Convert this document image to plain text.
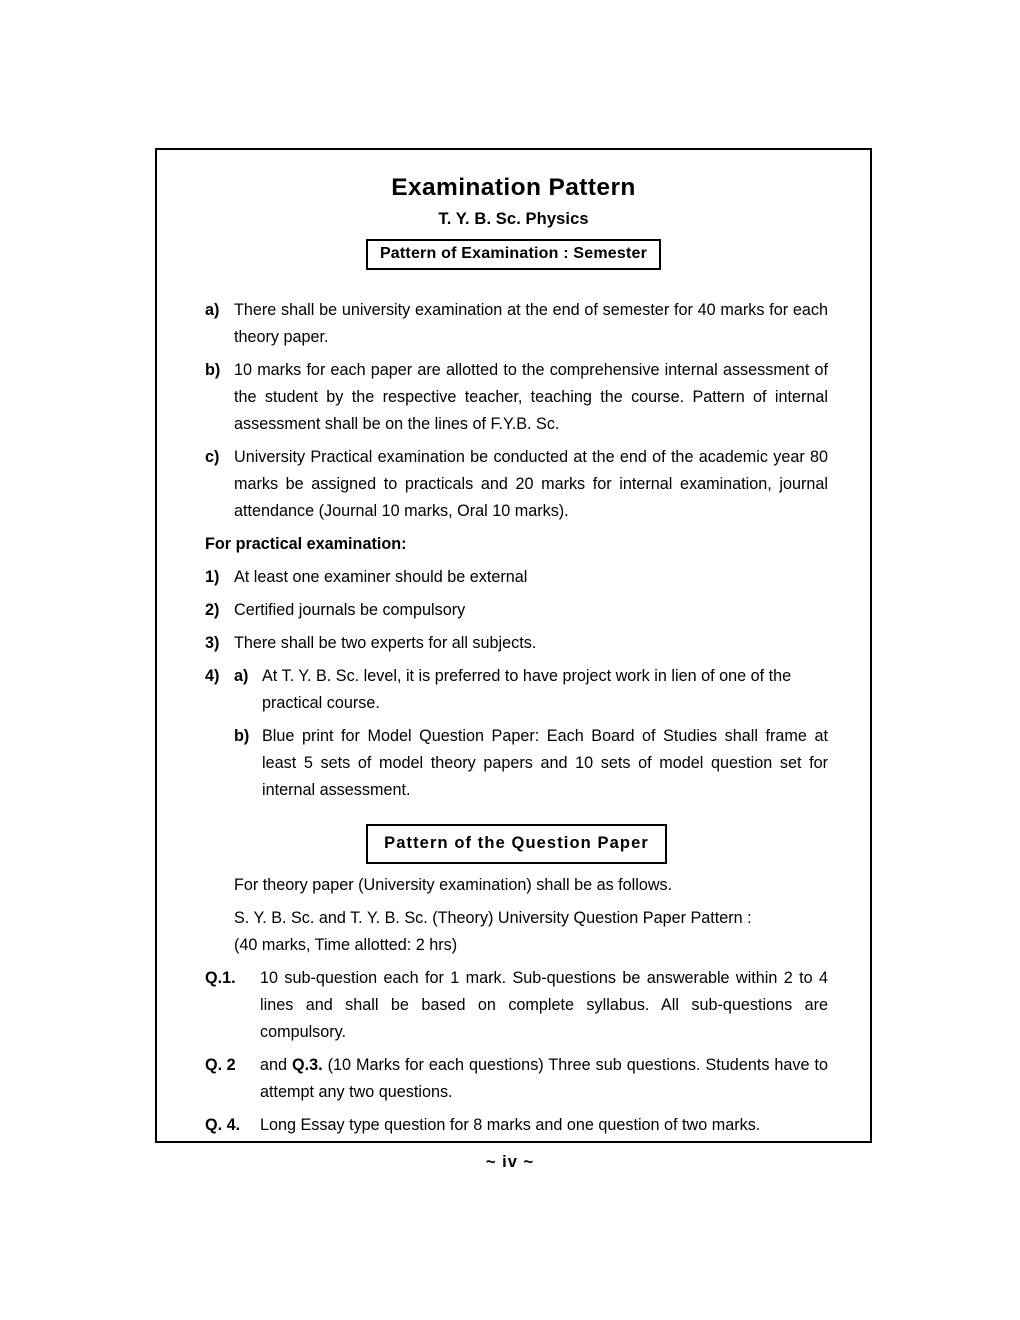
Examination Pattern
T. Y. B. Sc. Physics
Pattern of Examination : Semester
a) There shall be university examination at the end of semester for 40 marks for each theory paper.
b) 10 marks for each paper are allotted to the comprehensive internal assessment of the student by the respective teacher, teaching the course. Pattern of internal assessment shall be on the lines of F.Y.B. Sc.
c) University Practical examination be conducted at the end of the academic year 80 marks be assigned to practicals and 20 marks for internal examination, journal attendance (Journal 10 marks, Oral 10 marks).
For practical examination:
1) At least one examiner should be external
2) Certified journals be compulsory
3) There shall be two experts for all subjects.
4) a) At T. Y. B. Sc. level, it is preferred to have project work in lien of one of the practical course.
b) Blue print for Model Question Paper: Each Board of Studies shall frame at least 5 sets of model theory papers and 10 sets of model question set for internal assessment.
Pattern of the Question Paper
For theory paper (University examination) shall be as follows.
S. Y. B. Sc. and T. Y. B. Sc. (Theory) University Question Paper Pattern :
(40 marks, Time allotted: 2 hrs)
Q.1.	10 sub-question each for 1 mark. Sub-questions be answerable within 2 to 4 lines and shall be based on complete syllabus. All sub-questions are compulsory.
Q. 2	and Q.3. (10 Marks for each questions) Three sub questions. Students have to attempt any two questions.
Q. 4.	Long Essay type question for 8 marks and one question of two marks.
~ iv ~
